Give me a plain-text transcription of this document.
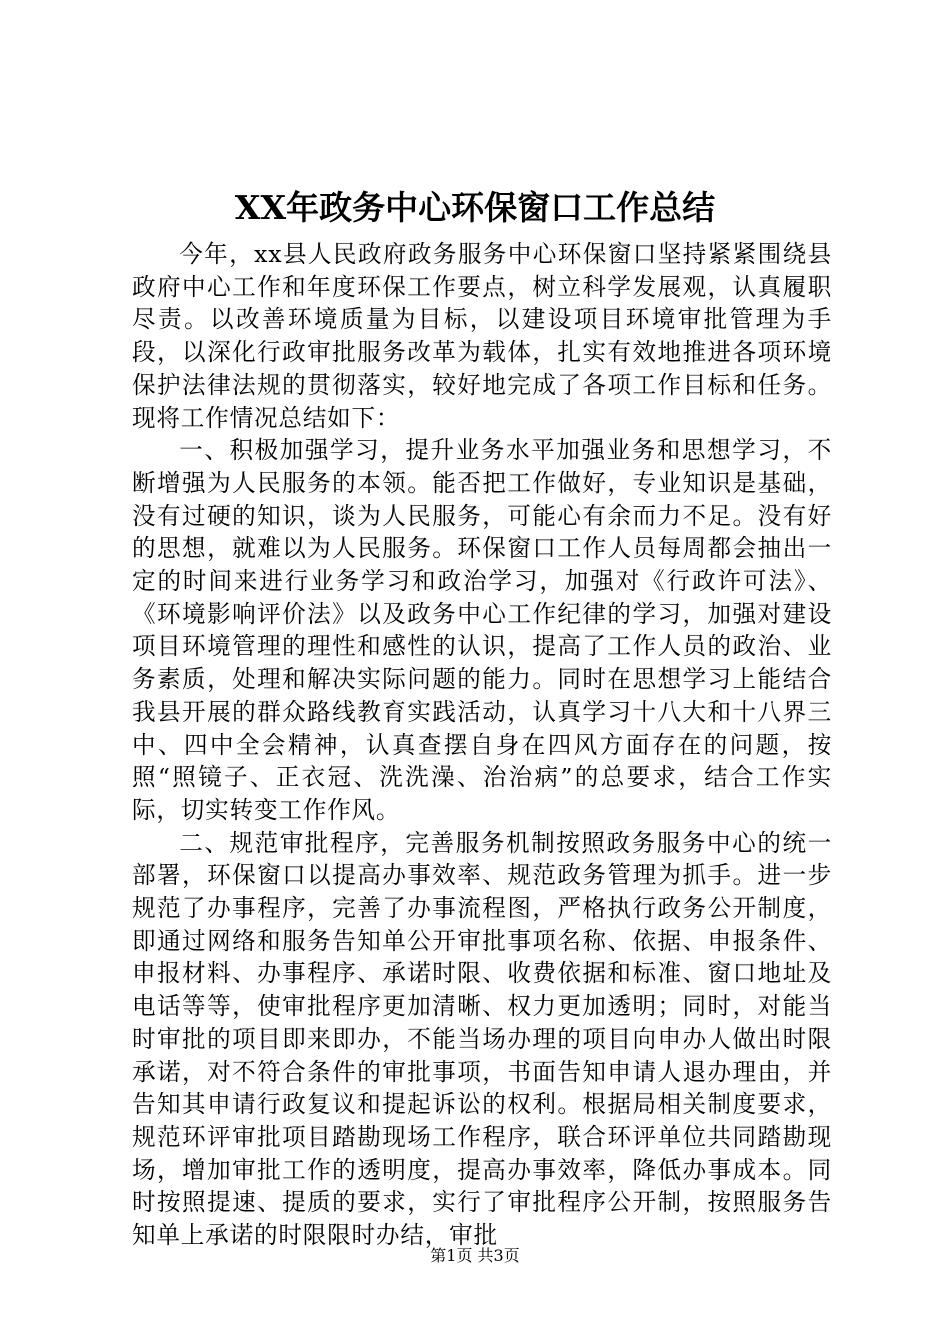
XX年政务中心环保窗口工作总结

今年，xx县人民政府政务服务中心环保窗口坚持紧紧围绕县政府中心工作和年度环保工作要点，树立科学发展观，认真履职尽责。以改善环境质量为目标，以建设项目环境审批管理为手段，以深化行政审批服务改革为载体，扎实有效地推进各项环境保护法律法规的贯彻落实，较好地完成了各项工作目标和任务。现将工作情况总结如下：

一、积极加强学习，提升业务水平加强业务和思想学习，不断增强为人民服务的本领。能否把工作做好，专业知识是基础，没有过硬的知识，谈为人民服务，可能心有余而力不足。没有好的思想，就难以为人民服务。环保窗口工作人员每周都会抽出一定的时间来进行业务学习和政治学习，加强对《行政许可法》、《环境影响评价法》以及政务中心工作纪律的学习，加强对建设项目环境管理的理性和感性的认识，提高了工作人员的政治、业务素质，处理和解决实际问题的能力。同时在思想学习上能结合我县开展的群众路线教育实践活动，认真学习十八大和十八界三中、四中全会精神，认真查摆自身在四风方面存在的问题，按照“照镜子、正衣冠、洗洗澡、治治病”的总要求，结合工作实际，切实转变工作作风。

二、规范审批程序，完善服务机制按照政务服务中心的统一部署，环保窗口以提高办事效率、规范政务管理为抓手。进一步规范了办事程序，完善了办事流程图，严格执行政务公开制度，即通过网络和服务告知单公开审批事项名称、依据、申报条件、申报材料、办事程序、承诺时限、收费依据和标准、窗口地址及电话等等，使审批程序更加清晰、权力更加透明；同时，对能当时审批的项目即来即办，不能当场办理的项目向申办人做出时限承诺，对不符合条件的审批事项，书面告知申请人退办理由，并告知其申请行政复议和提起诉讼的权利。根据局相关制度要求，规范环评审批项目踏勘现场工作程序，联合环评单位共同踏勘现场，增加审批工作的透明度，提高办事效率，降低办事成本。同时按照提速、提质的要求，实行了审批程序公开制，按照服务告知单上承诺的时限限时办结，审批

第1页 共3页
